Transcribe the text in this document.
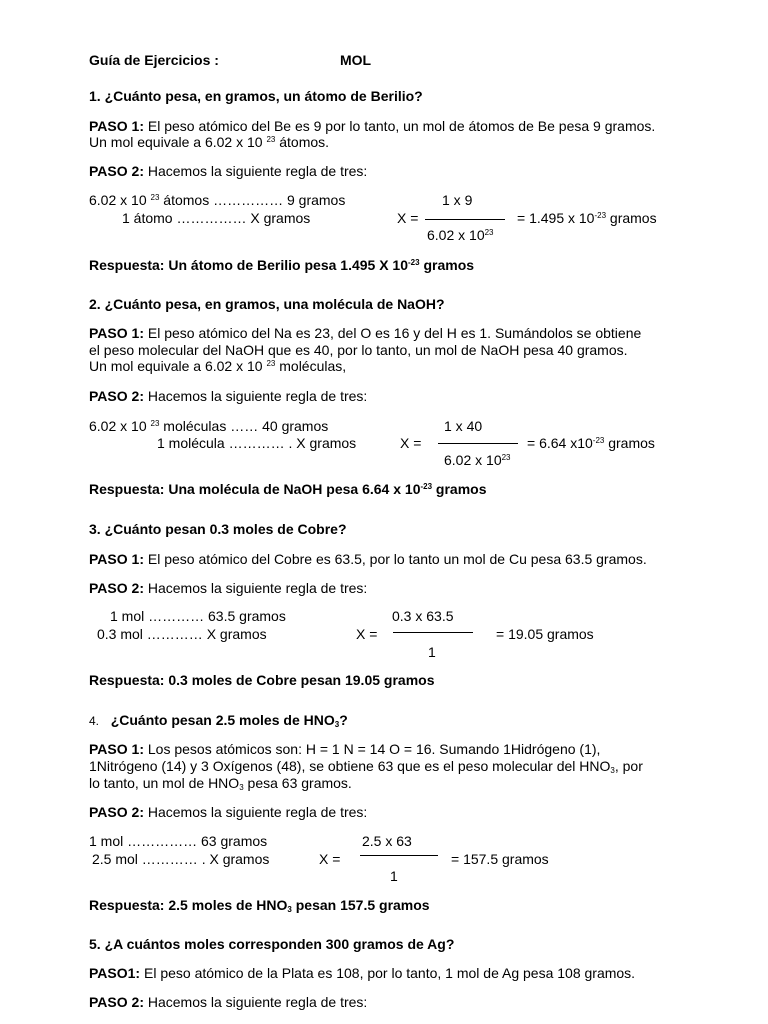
Guía de Ejercicios :	MOL
1. ¿Cuánto pesa, en gramos, un átomo de Berilio?
PASO 1: El peso atómico del Be es 9 por lo tanto, un mol de átomos de Be pesa 9 gramos.
Un mol equivale a 6.02 x 10 $^{23}$ átomos.
PASO 2: Hacemos la siguiente regla de tres:
6.02 x 10 $^{23}$ átomos …………… 9 gramos
1 átomo …………… X gramos	X =
1 x 9
6.02 x $10^{23}$
= 1.495 x $10^{-23}$ gramos
Respuesta: Un átomo de Berilio pesa 1.495 X $10^{-23}$ gramos
2. ¿Cuánto pesa, en gramos, una molécula de NaOH?
PASO 1: El peso atómico del Na es 23, del O es 16 y del H es 1. Sumándolos se obtiene
el peso molecular del NaOH que es 40, por lo tanto, un mol de NaOH pesa 40 gramos.
Un mol equivale a 6.02 x 10 $^{23}$ moléculas,
PASO 2: Hacemos la siguiente regla de tres:
6.02 x 10 $^{23}$ moléculas …… 40 gramos
1 molécula ………… . X gramos	X =
1 x 40
6.02 x $10^{23}$
= 6.64 $x10^{-23}$ gramos
Respuesta: Una molécula de NaOH pesa 6.64 x $10^{-23}$ gramos
3. ¿Cuánto pesan 0.3 moles de Cobre?
PASO 1: El peso atómico del Cobre es 63.5, por lo tanto un mol de Cu pesa 63.5 gramos.
PASO 2: Hacemos la siguiente regla de tres:
1 mol ………… 63.5 gramos
0.3 mol ………… X gramos	X =
0.3 x 63.5
1
= 19.05 gramos
Respuesta: 0.3 moles de Cobre pesan 19.05 gramos
4. ¿Cuánto pesan 2.5 moles de $HNO_3$?
PASO 1: Los pesos atómicos son: H = 1 N = 14 O = 16. Sumando 1Hidrógeno (1),
1Nitrógeno (14) y 3 Oxígenos (48), se obtiene 63 que es el peso molecular del $HNO_3$, por
lo tanto, un mol de $HNO_3$ pesa 63 gramos.
PASO 2: Hacemos la siguiente regla de tres:
1 mol …………… 63 gramos
2.5 mol ………… . X gramos	X =
2.5 x 63
1
= 157.5 gramos
Respuesta: 2.5 moles de $HNO_3$ pesan 157.5 gramos
5. ¿A cuántos moles corresponden 300 gramos de Ag?
PASO1: El peso atómico de la Plata es 108, por lo tanto, 1 mol de Ag pesa 108 gramos.
PASO 2: Hacemos la siguiente regla de tres:
